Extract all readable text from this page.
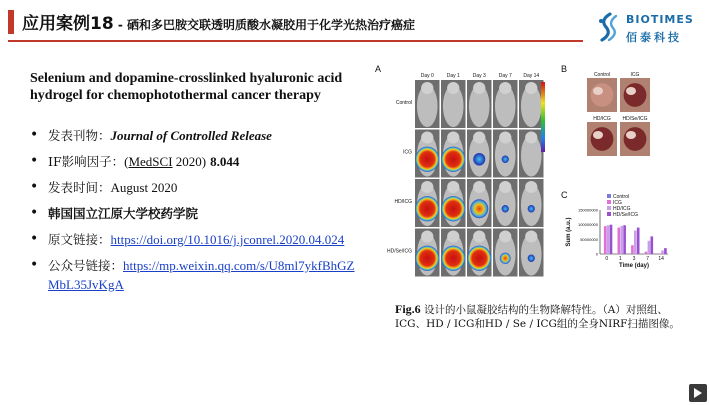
应用案例18 - 硒和多巴胺交联透明质酸水凝胶用于化学光热治疗癌症	BIOTIMES
佰泰科技
Selenium and dopamine-crosslinked hyaluronic acid hydrogel for chemophotothermal cancer therapy
• 发表刊物：Journal of Controlled Release
• IF影响因子：(MedSCI 2020) 8.044
• 发表时间：August 2020
• 韩国国立江原大学校药学院
• 原文链接：https://doi.org/10.1016/j.jconrel.2020.04.024
• 公众号链接：https://mp.weixin.qq.com/s/U8ml7ykfBhGZMbL35JvKgA
A	B
C
Day 0	Day 1	Day 3	Day 7 Day 14
Control
ICG
HD/ICG
HD/Se/ICG
Control	ICG
HD/ICG HD/Se/ICG
Control
ICG
HD/ICG
HD/Se/ICG
150000000
100000000
50000000
0
0 1 3 7 14
Time (day)
Sum (a.u.)
Fig.6 设计的小鼠凝胶结构的生物降解特性。（A）对照组、ICG、HD / ICG和HD / Se / ICG组的全身NIRF扫描图像。
